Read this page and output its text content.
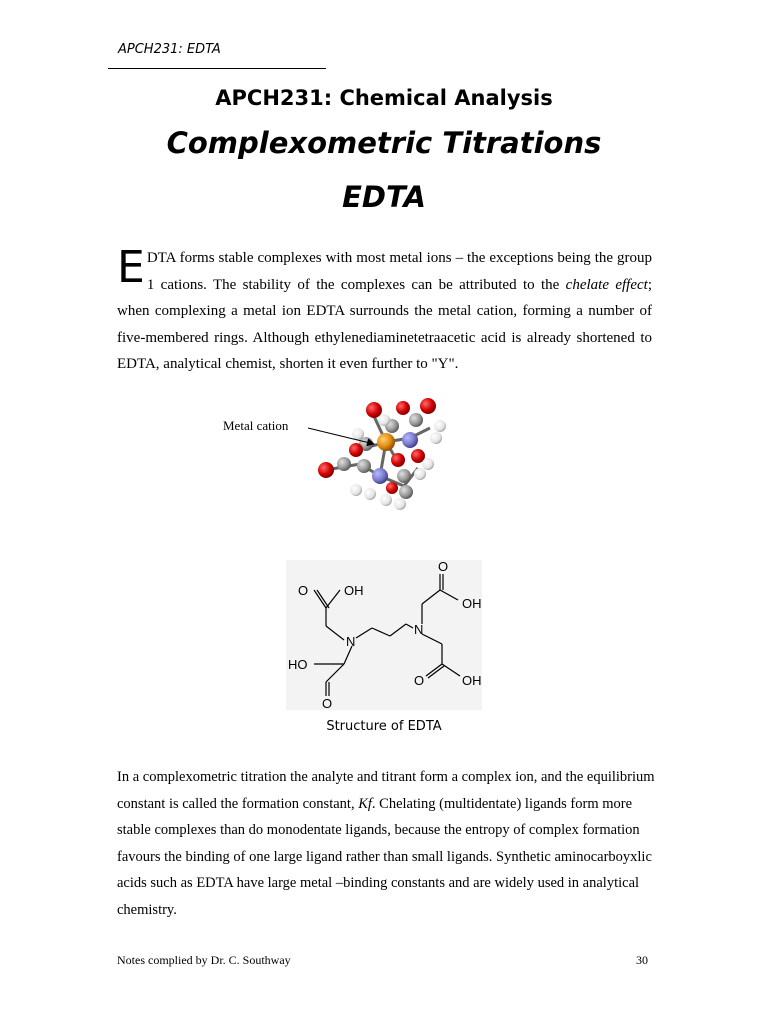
APCH231: EDTA
APCH231: Chemical Analysis
Complexometric Titrations
EDTA
EDTA forms stable complexes with most metal ions – the exceptions being the group 1 cations. The stability of the complexes can be attributed to the chelate effect; when complexing a metal ion EDTA surrounds the metal cation, forming a number of five-membered rings. Although ethylenediaminetetraacetic acid is already shortened to EDTA, analytical chemist, shorten it even further to "Y".
Metal cation
O	OH
O
OH
N
N
HO
O
O	OH
Structure of EDTA
In a complexometric titration the analyte and titrant form a complex ion, and the equilibrium constant is called the formation constant, Kf. Chelating (multidentate) ligands form more stable complexes than do monodentate ligands, because the entropy of complex formation favours the binding of one large ligand rather than small ligands. Synthetic aminocarboyxlic acids such as EDTA have large metal –binding constants and are widely used in analytical chemistry.
Notes complied by Dr. C. Southway	30
